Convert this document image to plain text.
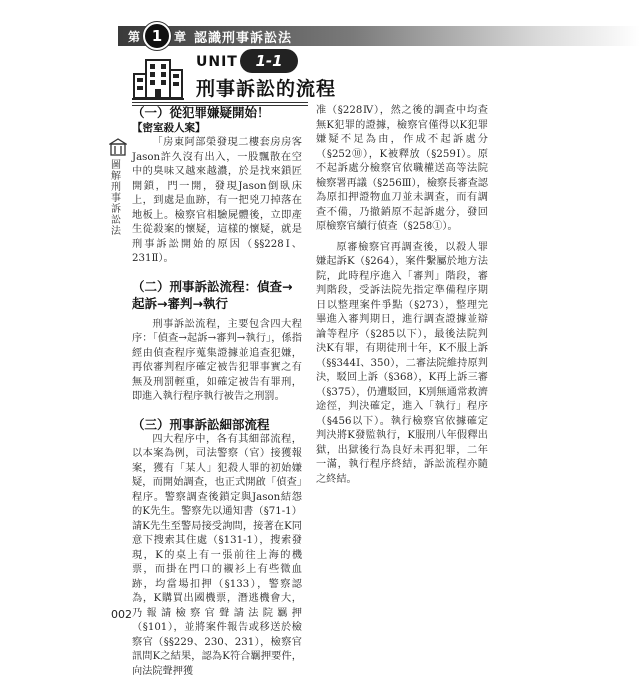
第 1 章 認識刑事訴訟法
UNIT	1-1
刑事訴訟的流程
圖解刑事訴訟法

（一）從犯罪嫌疑開始！

【密室殺人案】

「房東阿部榮發現二樓套房房客Jason許久沒有出入，一股飄散在空中的臭味又越來越濃，於是找來鎖匠開鎖，門一開，發現Jason倒臥床上，到處是血跡，有一把兇刀掉落在地板上。檢察官相驗屍體後，立即產生從殺案的懷疑，這樣的懷疑，就是刑事訴訟開始的原因（§§228Ⅰ、231Ⅱ）。

（二）刑事訴訟流程：偵查→起訴→審判→執行

刑事訴訟流程，主要包含四大程序：「偵查→起訴→審判→執行」，係指經由偵查程序蒐集證據並追查犯嫌，再依審判程序確定被告犯罪事實之有無及刑罰輕重，如確定被告有罪刑，即進入執行程序執行被告之刑罰。

（三）刑事訴訟細部流程

四大程序中，各有其細部流程，以本案為例，司法警察（官）接獲報案，獲有「某人」犯殺人罪的初始嫌疑，而開始調查，也正式開啟「偵查」程序。警察調查後鎖定與Jason結怨的K先生。警察先以通知書（§71-1）請K先生至警局接受詢問，接著在K同意下搜索其住處（§131-1），搜索發現，K的桌上有一張前往上海的機票，而掛在門口的襯衫上有些微血跡，均當場扣押（§133），警察認為，K購買出國機票，潛逃機會大，乃報請檢察官聲請法院羈押（§101），並將案件報告或移送於檢察官（§§229、230、231），檢察官訊問K之結果，認為K符合羈押要件，向法院聲押獲

准（§228Ⅳ），然之後的調查中均查無K犯罪的證據，檢察官僅得以K犯罪嫌疑不足為由，作成不起訴處分（§252⑩），K被釋放（§259Ⅰ）。原不起訴處分檢察官依職權送高等法院檢察署再議（§256Ⅲ），檢察長審查認為原扣押證物血刀並未調查，而有調查不備，乃撤銷原不起訴處分，發回原檢察官續行偵查（§258①）。

原審檢察官再調查後，以殺人罪嫌起訴K（§264），案件繫屬於地方法院，此時程序進入「審判」階段，審判階段，受訴法院先指定準備程序期日以整理案件爭點（§273），整理完畢進入審判期日，進行調查證據並辯論等程序（§285以下），最後法院判決K有罪，有期徒刑十年，K不服上訴（§§344Ⅰ、350），二審法院維持原判決，駁回上訴（§368），K再上訴三審（§375），仍遭駁回，K別無通常救濟途徑，判決確定，進入「執行」程序（§456以下）。執行檢察官依據確定判決將K發監執行，K服刑八年假釋出獄，出獄後行為良好未再犯罪，二年一滿，執行程序終結，訴訟流程亦隨之終結。

002
